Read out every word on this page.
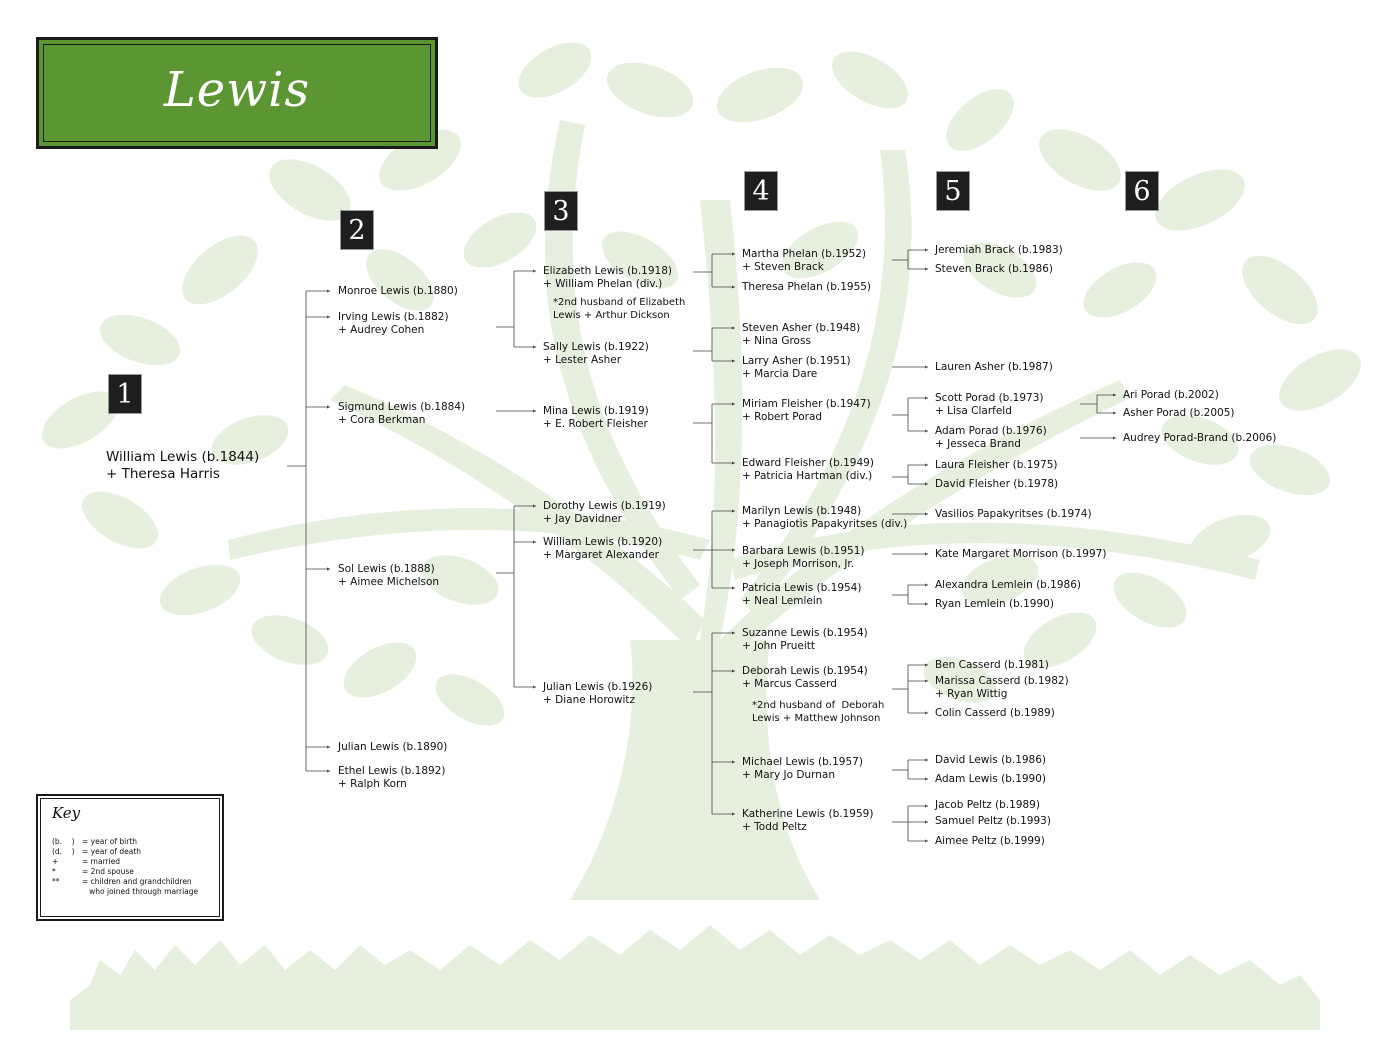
Lewis
1
2
3
4	5	6
William Lewis (b.1844)
+ Theresa Harris
Monroe Lewis (b.1880)
Irving Lewis (b.1882)
+ Audrey Cohen
Sigmund Lewis (b.1884)
+ Cora Berkman
Sol Lewis (b.1888)
+ Aimee Michelson
Julian Lewis (b.1890)
Ethel Lewis (b.1892)
+ Ralph Korn
Elizabeth Lewis (b.1918)
+ William Phelan (div.)
*2nd husband of Elizabeth
Lewis + Arthur Dickson
Sally Lewis (b.1922)
+ Lester Asher
Mina Lewis (b.1919)
+ E. Robert Fleisher
Dorothy Lewis (b.1919)
+ Jay Davidner
William Lewis (b.1920)
+ Margaret Alexander
Julian Lewis (b.1926)
+ Diane Horowitz
Martha Phelan (b.1952)
+ Steven Brack
Theresa Phelan (b.1955)
Steven Asher (b.1948)
+ Nina Gross
Larry Asher (b.1951)
+ Marcia Dare
Miriam Fleisher (b.1947)
+ Robert Porad
Edward Fleisher (b.1949)
+ Patricia Hartman (div.)
Marilyn Lewis (b.1948)
+ Panagiotis Papakyritses (div.)
Barbara Lewis (b.1951)
+ Joseph Morrison, Jr.
Patricia Lewis (b.1954)
+ Neal Lemlein
Suzanne Lewis (b.1954)
+ John Prueitt
Deborah Lewis (b.1954)
+ Marcus Casserd
*2nd husband of  Deborah
Lewis + Matthew Johnson
Michael Lewis (b.1957)
+ Mary Jo Durnan
Katherine Lewis (b.1959)
+ Todd Peltz
Jeremiah Brack (b.1983)
Steven Brack (b.1986)
Lauren Asher (b.1987)
Scott Porad (b.1973)
+ Lisa Clarfeld
Adam Porad (b.1976)
+ Jesseca Brand
Laura Fleisher (b.1975)
David Fleisher (b.1978)
Vasilios Papakyritses (b.1974)
Kate Margaret Morrison (b.1997)
Alexandra Lemlein (b.1986)
Ryan Lemlein (b.1990)
Ben Casserd (b.1981)
Marissa Casserd (b.1982)
+ Ryan Wittig
Colin Casserd (b.1989)
David Lewis (b.1986)
Adam Lewis (b.1990)
Jacob Peltz (b.1989)
Samuel Peltz (b.1993)
Aimee Peltz (b.1999)
Ari Porad (b.2002)
Asher Porad (b.2005)
Audrey Porad-Brand (b.2006)
Key
(b.    ) = year of birth
(d.    ) = year of death
+	= married
*	= 2nd spouse
**	= children and grandchildren
who joined through marriage
